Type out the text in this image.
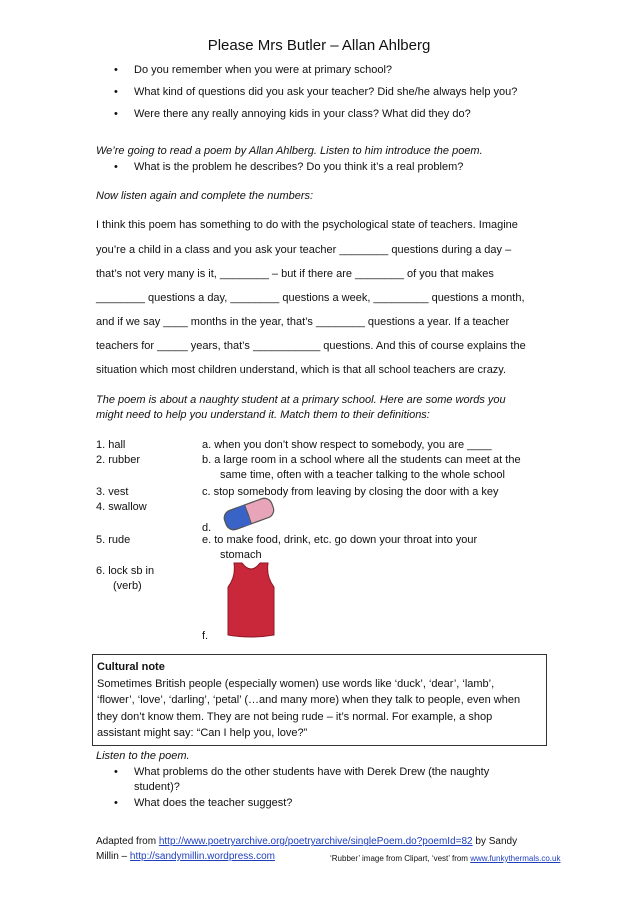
Please Mrs Butler – Allan Ahlberg
• Do you remember when you were at primary school?
• What kind of questions did you ask your teacher? Did she/he always help you?
• Were there any really annoying kids in your class? What did they do?
We’re going to read a poem by Allan Ahlberg. Listen to him introduce the poem.
• What is the problem he describes? Do you think it’s a real problem?
Now listen again and complete the numbers:
I think this poem has something to do with the psychological state of teachers. Imagine
you’re a child in a class and you ask your teacher ________ questions during a day –
that’s not very many is it, ________ – but if there are ________ of you that makes
________ questions a day, ________ questions a week, _________ questions a month,
and if we say ____ months in the year, that’s ________ questions a year. If a teacher
teachers for _____ years, that’s ___________ questions. And this of course explains the
situation which most children understand, which is that all school teachers are crazy.
The poem is about a naughty student at a primary school. Here are some words you
might need to help you understand it. Match them to their definitions:
1. hall
2. rubber
3. vest
4. swallow
5. rude
6. lock sb in
(verb)
a. when you don’t show respect to somebody, you are ____
b. a large room in a school where all the students can meet at the
same time, often with a teacher talking to the whole school
c. stop somebody from leaving by closing the door with a key
d.
e. to make food, drink, etc. go down your throat into your
stomach
f.
Cultural note
Sometimes British people (especially women) use words like ‘duck’, ‘dear’, ‘lamb’,
‘flower’, ‘love’, ‘darling’, ‘petal’ (…and many more) when they talk to people, even when
they don’t know them. They are not being rude – it’s normal. For example, a shop
assistant might say: “Can I help you, love?”
Listen to the poem.
• What problems do the other students have with Derek Drew (the naughty
student)?
• What does the teacher suggest?
Adapted from http://www.poetryarchive.org/poetryarchive/singlePoem.do?poemId=82 by Sandy
Millin – http://sandymillin.wordpress.com	‘Rubber’ image from Clipart, ‘vest’ from www.funkythermals.co.uk
